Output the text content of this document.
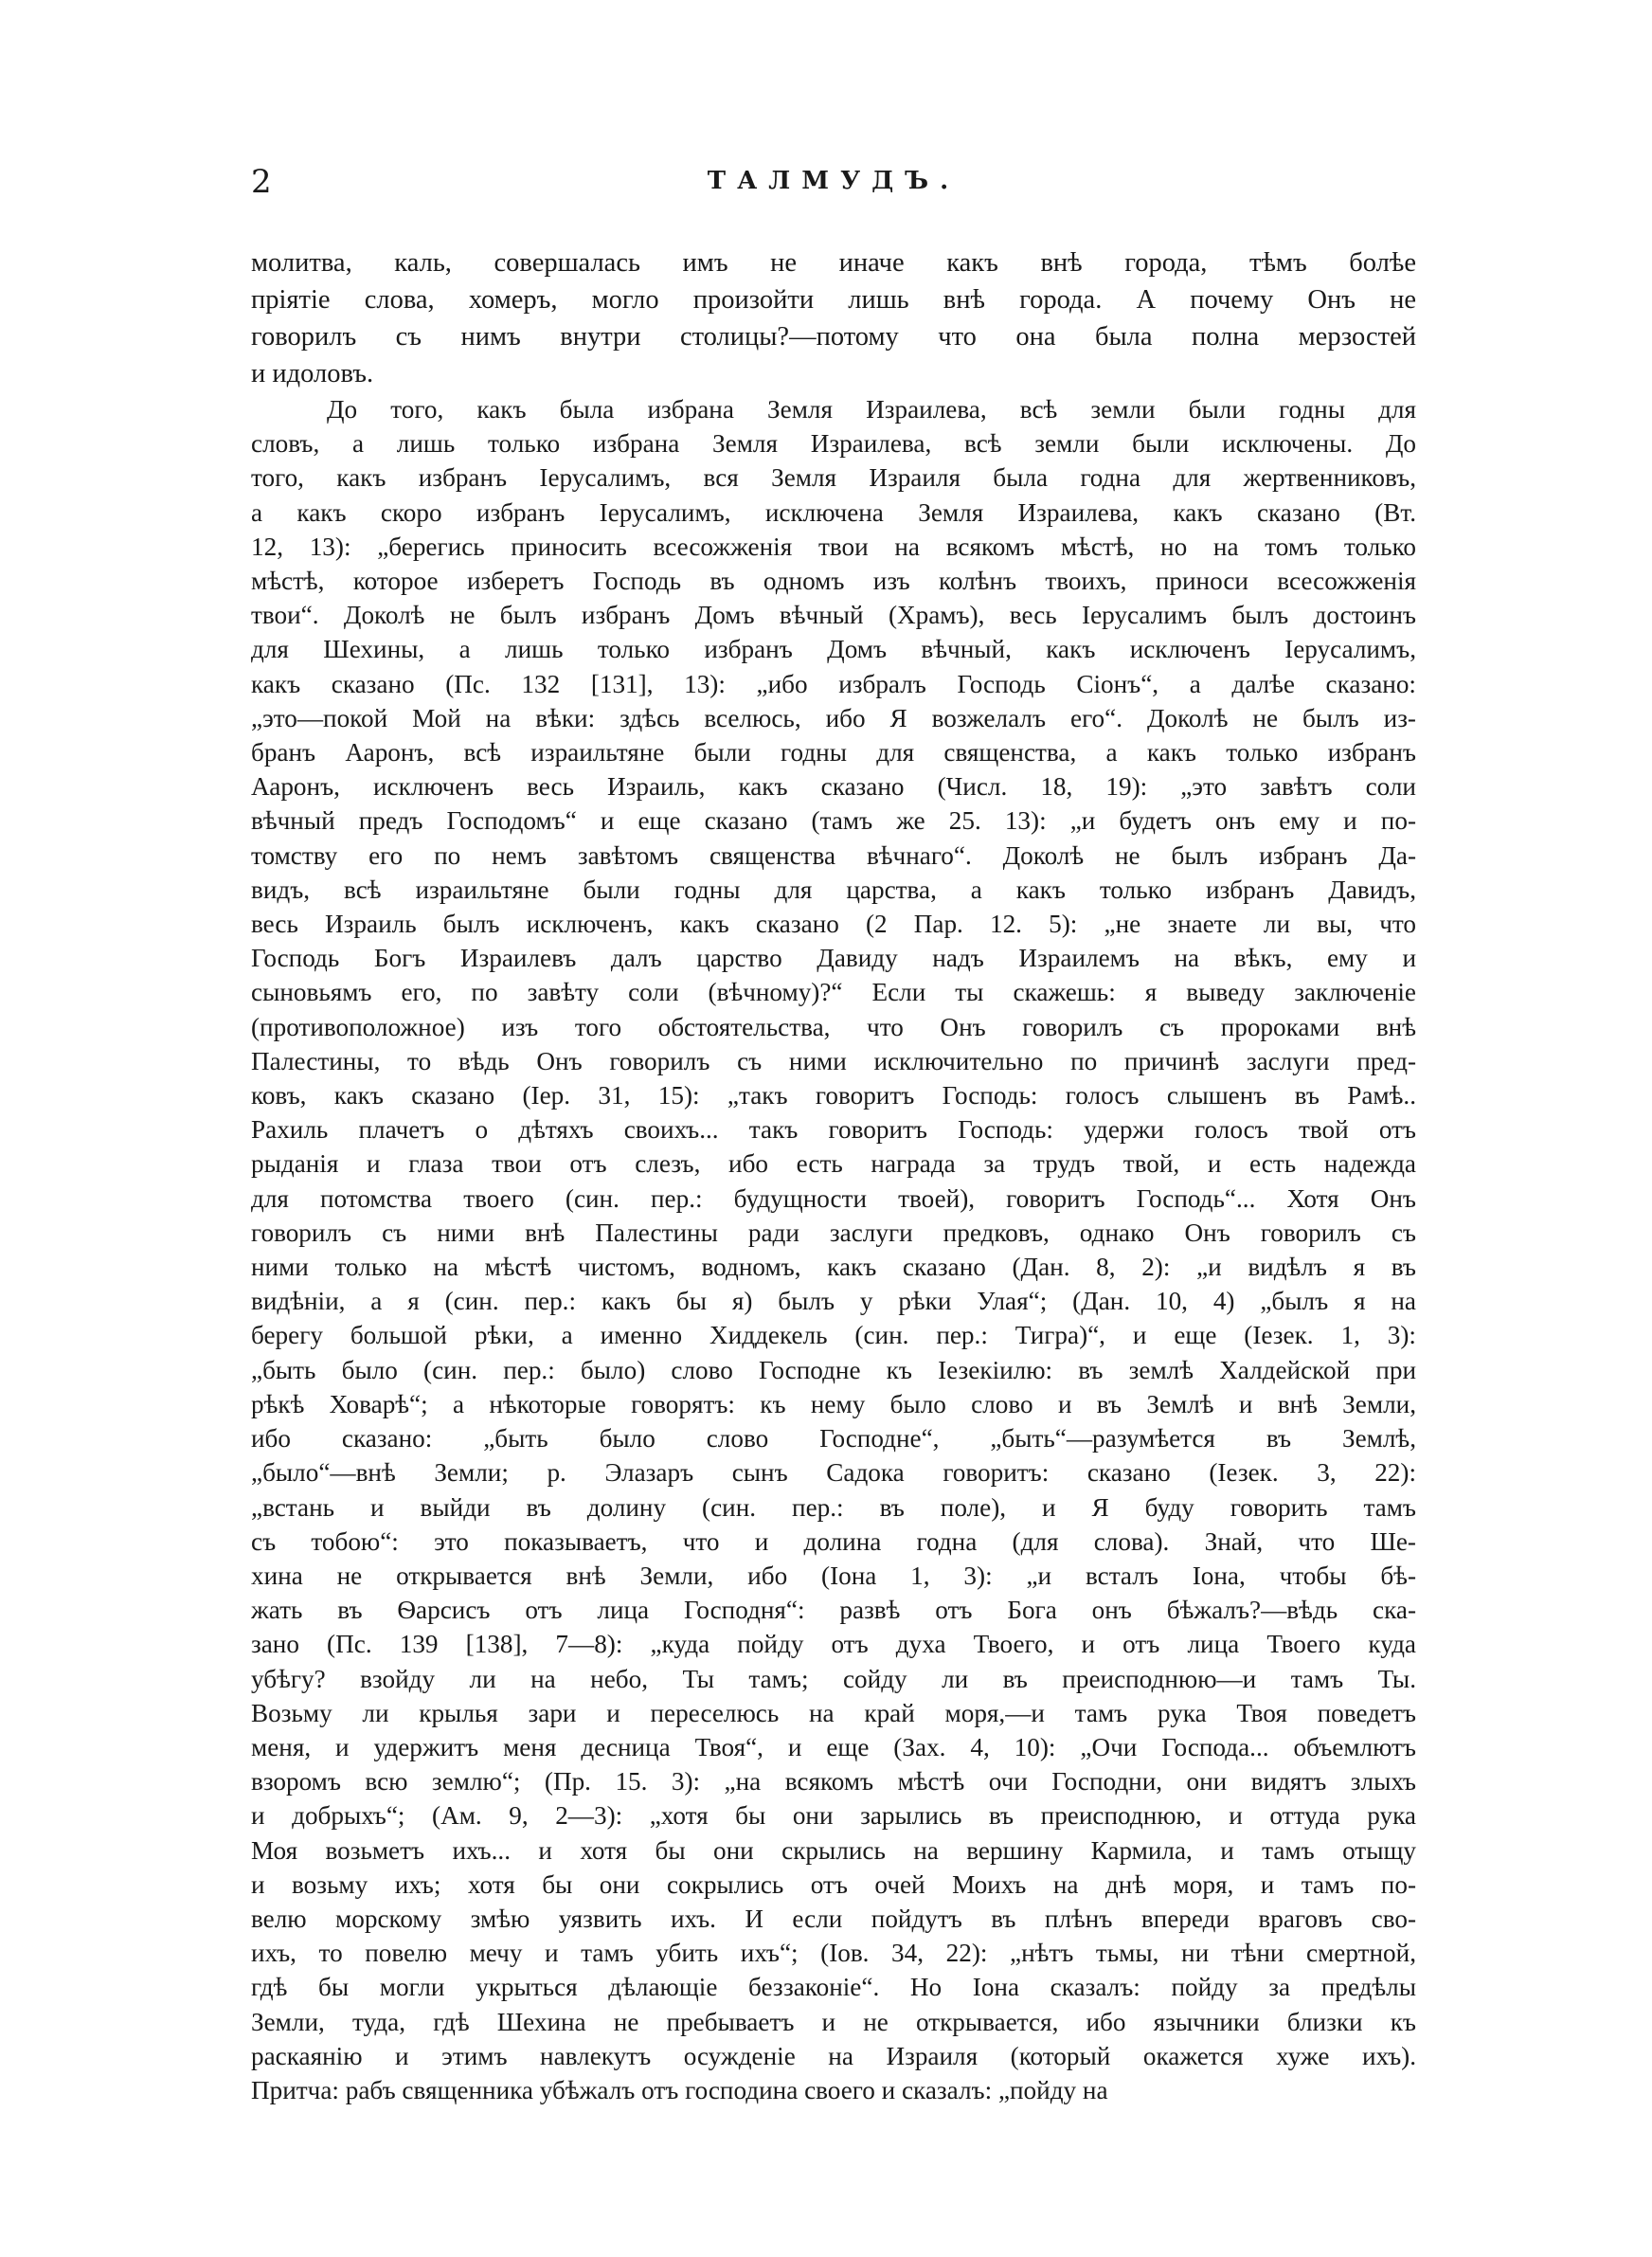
2	ТАЛМУДЪ.
молитва, каль, совершалась имъ не иначе какъ внѣ города, тѣмъ болѣе
пріятіе слова, хомеръ, могло произойти лишь внѣ города. А почему Онъ не
говорилъ съ нимъ внутри столицы?—потому что она была полна мерзостей
и идоловъ.
До того, какъ была избрана Земля Израилева, всѣ земли были годны для
словъ, а лишь только избрана Земля Израилева, всѣ земли были исключены. До
того, какъ избранъ Іерусалимъ, вся Земля Израиля была годна для жертвенниковъ,
а какъ скоро избранъ Іерусалимъ, исключена Земля Израилева, какъ сказано (Вт.
12, 13): „берегись приносить всесожженія твои на всякомъ мѣстѣ, но на томъ только
мѣстѣ, которое изберетъ Господь въ одномъ изъ колѣнъ твоихъ, приноси всесожженія
твои“. Доколѣ не былъ избранъ Домъ вѣчный (Храмъ), весь Іерусалимъ былъ достоинъ
для Шехины, а лишь только избранъ Домъ вѣчный, какъ исключенъ Іерусалимъ,
какъ сказано (Пс. 132 [131], 13): „ибо избралъ Господь Сіонъ“, а далѣе сказано:
„это—покой Мой на вѣки: здѣсь вселюсь, ибо Я возжелалъ его“. Доколѣ не былъ из-
бранъ Ааронъ, всѣ израильтяне были годны для священства, а какъ только избранъ
Ааронъ, исключенъ весь Израиль, какъ сказано (Числ. 18, 19): „это завѣтъ соли
вѣчный предъ Господомъ“ и еще сказано (тамъ же 25. 13): „и будетъ онъ ему и по-
томству его по немъ завѣтомъ священства вѣчнаго“. Доколѣ не былъ избранъ Да-
видъ, всѣ израильтяне были годны для царства, а какъ только избранъ Давидъ,
весь Израиль былъ исключенъ, какъ сказано (2 Пар. 12. 5): „не знаете ли вы, что
Господь Богъ Израилевъ далъ царство Давиду надъ Израилемъ на вѣкъ, ему и
сыновьямъ его, по завѣту соли (вѣчному)?“ Если ты скажешь: я выведу заключеніе
(противоположное) изъ того обстоятельства, что Онъ говорилъ съ пророками внѣ
Палестины, то вѣдь Онъ говорилъ съ ними исключительно по причинѣ заслуги пред-
ковъ, какъ сказано (Іер. 31, 15): „такъ говоритъ Господь: голосъ слышенъ въ Рамѣ..
Рахиль плачетъ о дѣтяхъ своихъ... такъ говоритъ Господь: удержи голосъ твой отъ
рыданія и глаза твои отъ слезъ, ибо есть награда за трудъ твой, и есть надежда
для потомства твоего (син. пер.: будущности твоей), говоритъ Господь“... Хотя Онъ
говорилъ съ ними внѣ Палестины ради заслуги предковъ, однако Онъ говорилъ съ
ними только на мѣстѣ чистомъ, водномъ, какъ сказано (Дан. 8, 2): „и видѣлъ я въ
видѣніи, а я (син. пер.: какъ бы я) былъ у рѣки Улая“; (Дан. 10, 4) „былъ я на
берегу большой рѣки, а именно Хиддекель (син. пер.: Тигра)“, и еще (Іезек. 1, 3):
„быть было (син. пер.: было) слово Господне къ Іезекіилю: въ землѣ Халдейской при
рѣкѣ Ховарѣ“; а нѣкоторые говорятъ: къ нему было слово и въ Землѣ и внѣ Земли,
ибо сказано: „быть было слово Господне“, „быть“—разумѣется въ Землѣ,
„было“—внѣ Земли; р. Элазаръ сынъ Садока говоритъ: сказано (Іезек. 3, 22):
„встань и выйди въ долину (син. пер.: въ поле), и Я буду говорить тамъ
съ тобою“: это показываетъ, что и долина годна (для слова). Знай, что Ше-
хина не открывается внѣ Земли, ибо (Іона 1, 3): „и всталъ Іона, чтобы бѣ-
жать въ Ѳарсисъ отъ лица Господня“: развѣ отъ Бога онъ бѣжалъ?—вѣдь ска-
зано (Пс. 139 [138], 7—8): „куда пойду отъ духа Твоего, и отъ лица Твоего куда
убѣгу? взойду ли на небо, Ты тамъ; сойду ли въ преисподнюю—и тамъ Ты.
Возьму ли крылья зари и переселюсь на край моря,—и тамъ рука Твоя поведетъ
меня, и удержитъ меня десница Твоя“, и еще (Зах. 4, 10): „Очи Господа... объемлютъ
взоромъ всю землю“; (Пр. 15. 3): „на всякомъ мѣстѣ очи Господни, они видятъ злыхъ
и добрыхъ“; (Ам. 9, 2—3): „хотя бы они зарылись въ преисподнюю, и оттуда рука
Моя возьметъ ихъ... и хотя бы они скрылись на вершину Кармила, и тамъ отыщу
и возьму ихъ; хотя бы они сокрылись отъ очей Моихъ на днѣ моря, и тамъ по-
велю морскому змѣю уязвить ихъ. И если пойдутъ въ плѣнъ впереди враговъ сво-
ихъ, то повелю мечу и тамъ убить ихъ“; (Іов. 34, 22): „нѣтъ тьмы, ни тѣни смертной,
гдѣ бы могли укрыться дѣлающіе беззаконіе“. Но Іона сказалъ: пойду за предѣлы
Земли, туда, гдѣ Шехина не пребываетъ и не открывается, ибо язычники близки къ
раскаянію и этимъ навлекутъ осужденіе на Израиля (который окажется хуже ихъ).
Притча: рабъ священника убѣжалъ отъ господина своего и сказалъ: „пойду на
